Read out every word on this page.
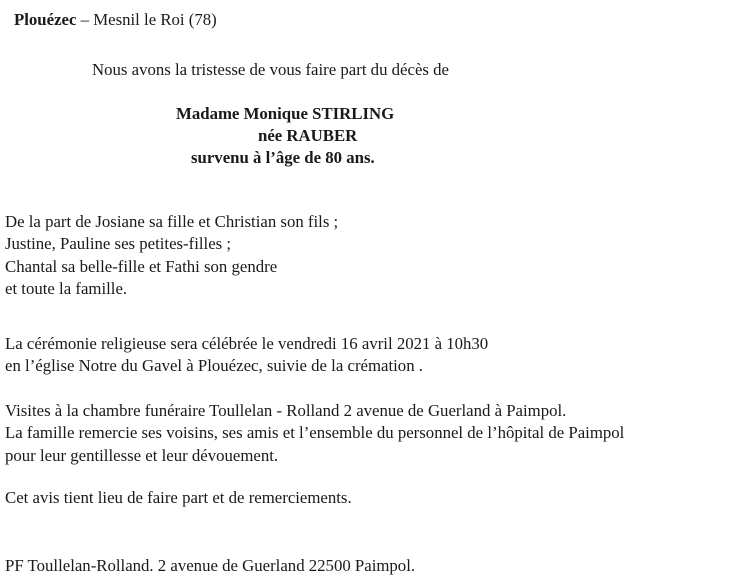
Plouézec – Mesnil le Roi (78)

Nous avons la tristesse de vous faire part du décès de

Madame Monique STIRLING

née RAUBER

survenu à l’âge de 80 ans.

De la part de Josiane sa fille et Christian son fils ;
Justine, Pauline ses petites-filles ;
Chantal sa belle-fille et Fathi son gendre
et toute la famille.
La cérémonie religieuse sera célébrée le vendredi 16 avril 2021 à 10h30
en l’église Notre du Gavel à Plouézec, suivie de la crémation .
Visites à la chambre funéraire Toullelan - Rolland 2 avenue de Guerland à Paimpol.
La famille remercie ses voisins, ses amis et l’ensemble du personnel de l’hôpital de Paimpol
pour leur gentillesse et leur dévouement.

Cet avis tient lieu de faire part et de remerciements.

PF Toullelan-Rolland. 2 avenue de Guerland 22500 Paimpol.
